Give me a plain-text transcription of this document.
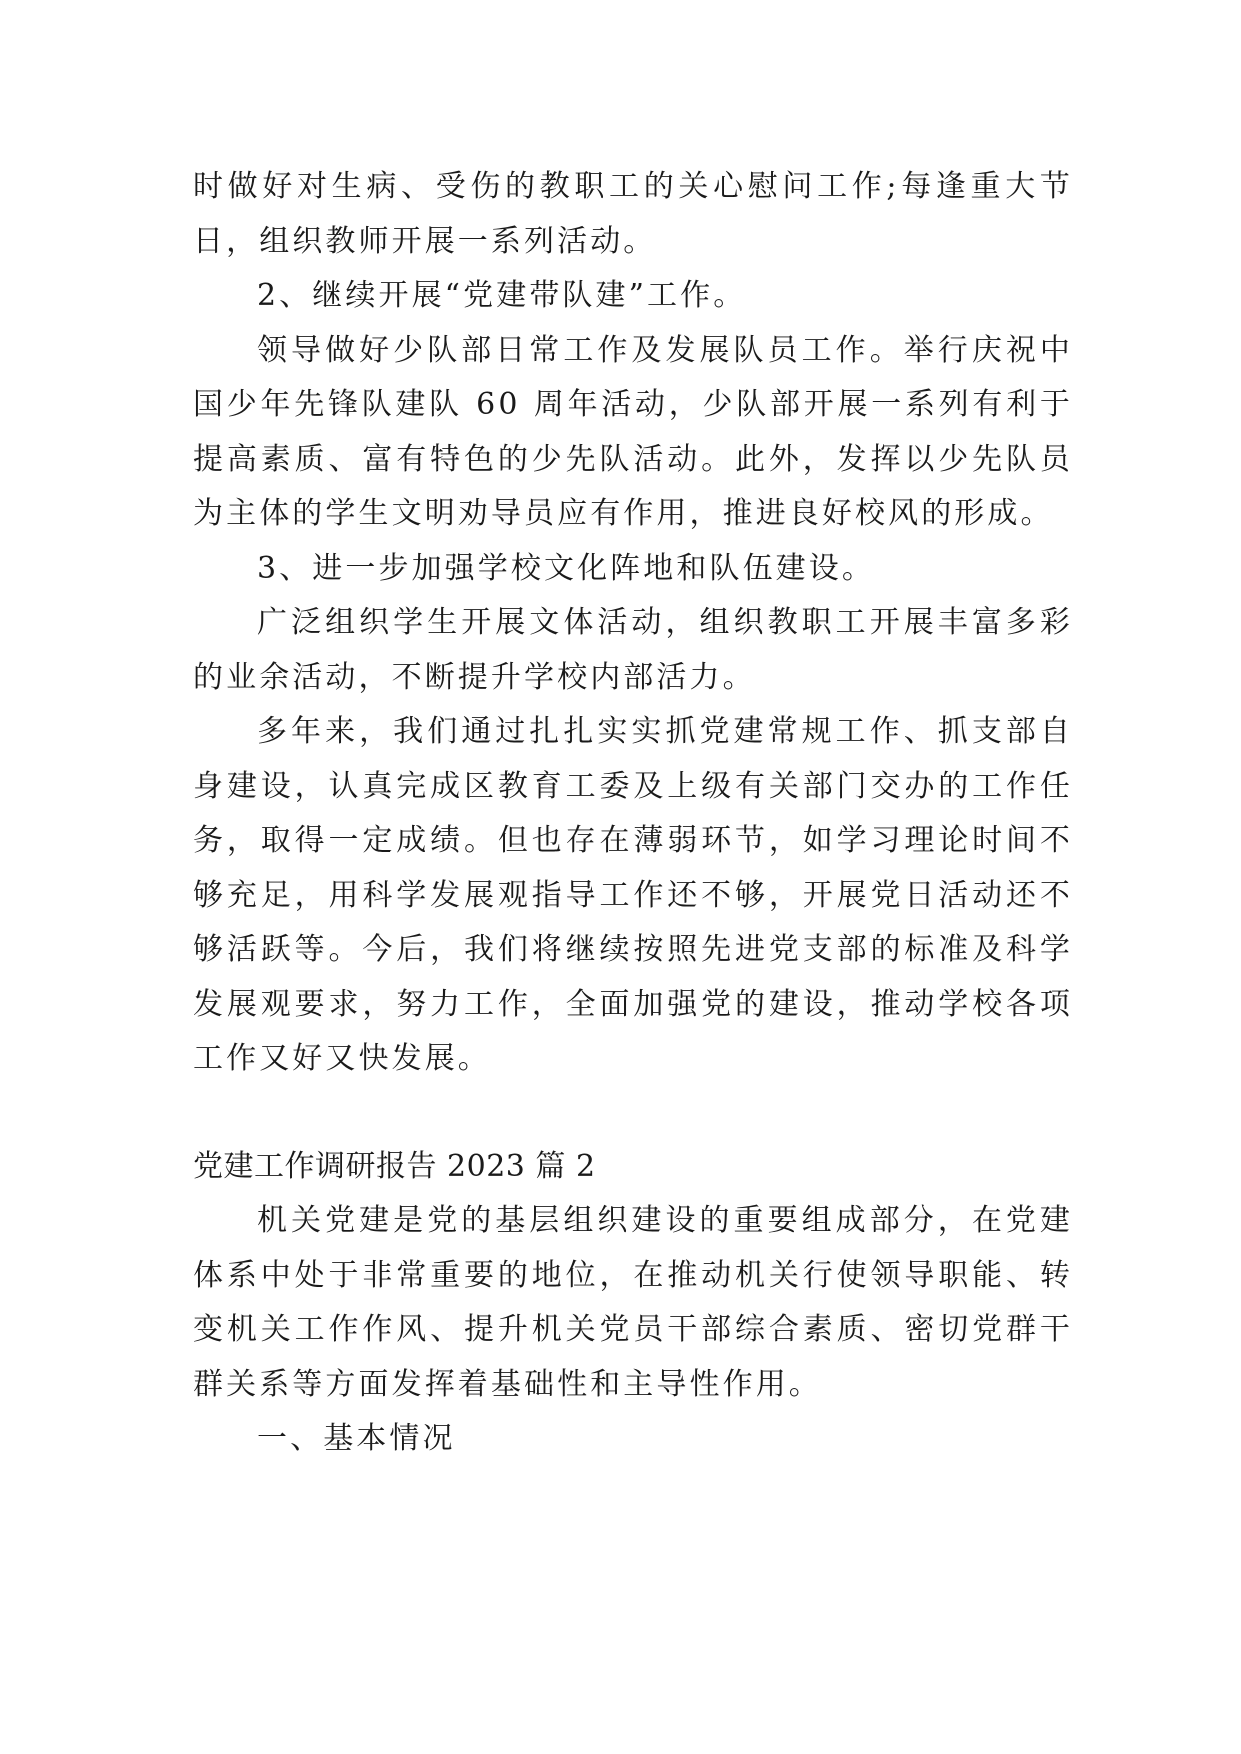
时做好对生病、受伤的教职工的关心慰问工作;每逢重大节日，组织教师开展一系列活动。

2、继续开展“党建带队建”工作。

领导做好少队部日常工作及发展队员工作。举行庆祝中国少年先锋队建队 60 周年活动，少队部开展一系列有利于提高素质、富有特色的少先队活动。此外，发挥以少先队员为主体的学生文明劝导员应有作用，推进良好校风的形成。

3、进一步加强学校文化阵地和队伍建设。

广泛组织学生开展文体活动，组织教职工开展丰富多彩的业余活动，不断提升学校内部活力。

多年来，我们通过扎扎实实抓党建常规工作、抓支部自身建设，认真完成区教育工委及上级有关部门交办的工作任务，取得一定成绩。但也存在薄弱环节，如学习理论时间不够充足，用科学发展观指导工作还不够，开展党日活动还不够活跃等。今后，我们将继续按照先进党支部的标准及科学发展观要求，努力工作，全面加强党的建设，推动学校各项工作又好又快发展。

党建工作调研报告 2023 篇 2

机关党建是党的基层组织建设的重要组成部分，在党建体系中处于非常重要的地位，在推动机关行使领导职能、转变机关工作作风、提升机关党员干部综合素质、密切党群干群关系等方面发挥着基础性和主导性作用。

一、基本情况
